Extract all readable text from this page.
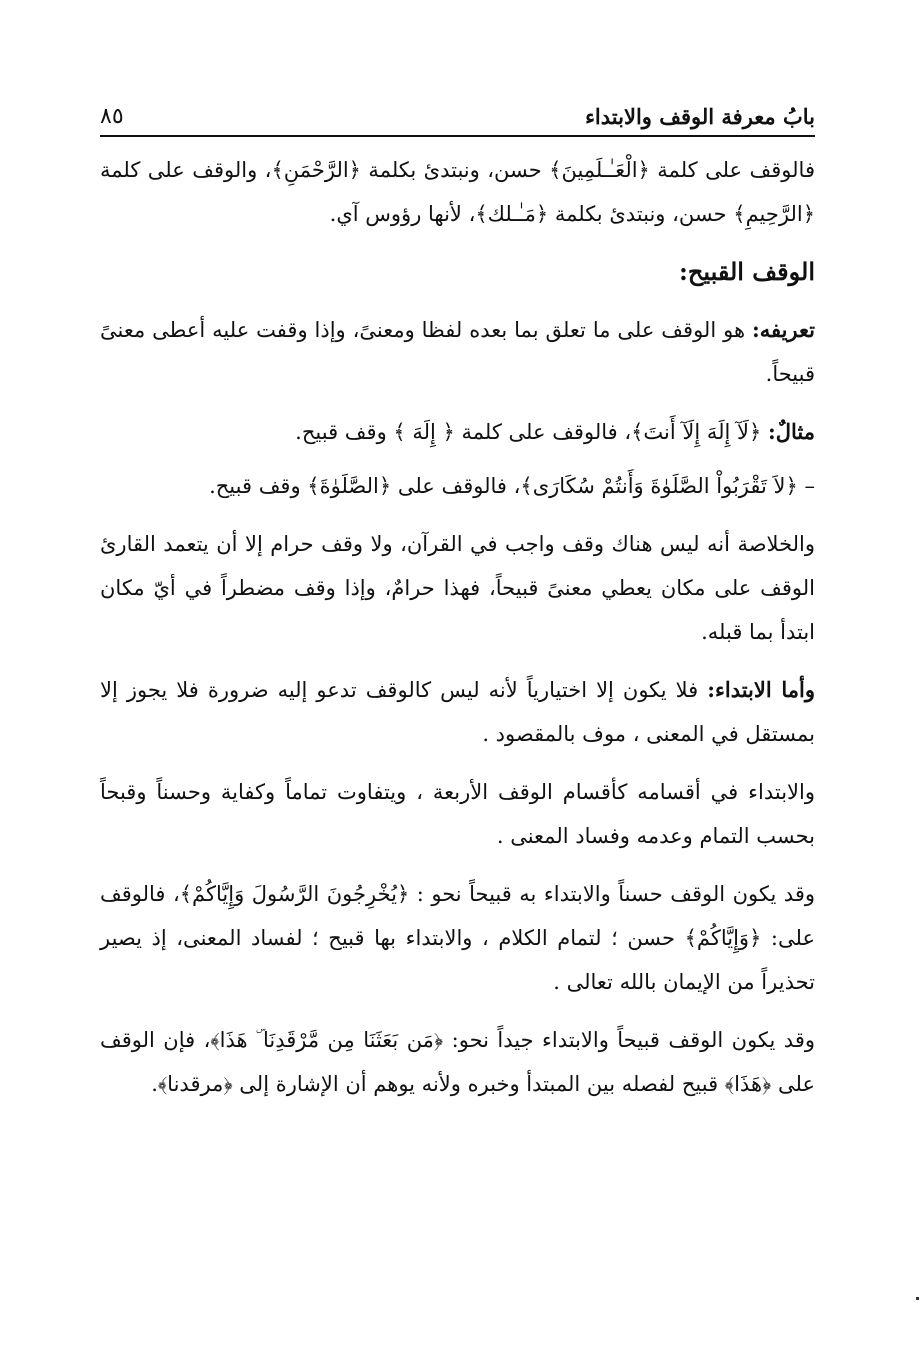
بابُ معرفة الوقف والابتداء
٨٥

فالوقف على كلمة ﴿الْعَـٰـلَمِينَ﴾ حسن، ونبتدئ بكلمة ﴿الرَّحْمَنِ﴾، والوقف على كلمة ﴿الرَّحِيمِ﴾ حسن، ونبتدئ بكلمة ﴿مَـٰـلك﴾، لأنها رؤوس آي.

الوقف القبيح:

تعريفه: هو الوقف على ما تعلق بما بعده لفظا ومعنىً، وإذا وقفت عليه أعطى معنىً قبيحاً.

مثالٌ: ﴿لَآ إِلَهَ إِلَآ أَنتَ﴾، فالوقف على كلمة ﴿ إِلَهَ ﴾ وقف قبيح.

– ﴿لاَ تَقْرَبُواْ الصَّلَوٰةَ وَأَنتُمْ سُكَارَى﴾، فالوقف على ﴿الصَّلَوٰةَ﴾ وقف قبيح.

والخلاصة أنه ليس هناك وقف واجب في القرآن، ولا وقف حرام إلا أن يتعمد القارئ الوقف على مكان يعطي معنىً قبيحاً، فهذا حرامٌ، وإذا وقف مضطراً في أيّ مكان ابتدأ بما قبله.

وأما الابتداء: فلا يكون إلا اختيارياً لأنه ليس كالوقف تدعو إليه ضرورة فلا يجوز إلا بمستقل في المعنى ، موف بالمقصود .

والابتداء في أقسامه كأقسام الوقف الأربعة ، ويتفاوت تماماً وكفاية وحسناً وقبحاً بحسب التمام وعدمه وفساد المعنى .

وقد يكون الوقف حسناً والابتداء به قبيحاً نحو : ﴿يُخْرِجُونَ الرَّسُولَ وَإِيَّاكُمْ﴾، فالوقف على: ﴿وَإِيَّاكُمْ﴾ حسن ؛ لتمام الكلام ، والابتداء بها قبيح ؛ لفساد المعنى، إذ يصير تحذيراً من الإيمان بالله تعالى .

وقد يكون الوقف قبيحاً والابتداء جيداً نحو: ﴿مَن بَعَثَنَا مِن مَّرْقَدِنَا ۜ هَذَا﴾، فإن الوقف على ﴿هَذَا﴾ قبيح لفصله بين المبتدأ وخبره ولأنه يوهم أن الإشارة إلى ﴿مرقدنا﴾.
